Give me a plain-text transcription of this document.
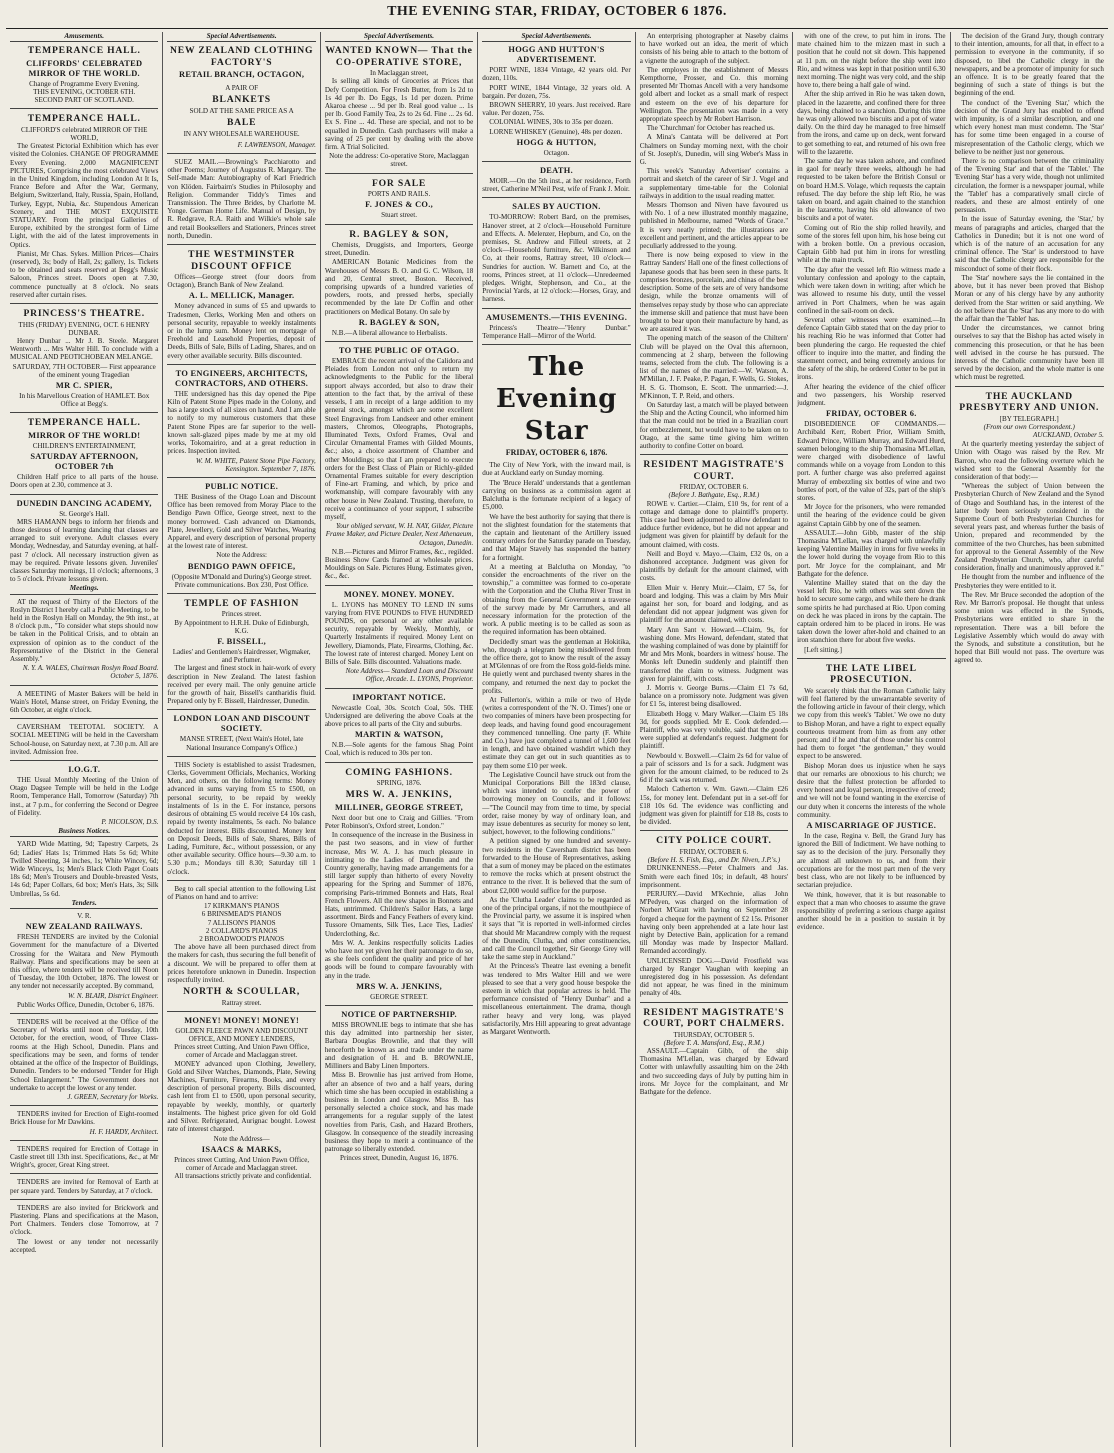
THE EVENING STAR, FRIDAY, OCTOBER 6 1876.
Amusements.
TEMPERANCE HALL.
CLIFFORDS' CELEBRATED MIRROR OF THE WORLD.
Change of Programme Every Evening.
THIS EVENING, OCTOBER 6TH.
SECOND PART OF SCOTLAND.
TEMPERANCE HALL.
CLIFFORD'S celebrated MIRROR OF THE WORLD,
The Greatest Pictorial Exhibition which has ever visited the Colonies. CHANGE OF PROGRAMME Every Evening. 2,000 MAGNIFICENT PICTURES, Comprising the most celebrated Views in the United Kingdom, including London At It Is, France Before and After the War, Germany, Belgium, Switzerland, Italy, Russia, Spain, Holland, Turkey, Egypt, Nubia, &c. Stupendous American Scenery, and THE MOST EXQUISITE STATUARY. From the principal Galleries of Europe, exhibited by the strongest form of Lime Light, with the aid of the latest improvements in Optics.
Pianist, Mr Chas. Sykes. Million Prices—Chairs (reserved), 3s; body of Hall, 2s; gallery, 1s. Tickets to be obtained and seats reserved at Begg's Music Saloon, Princes street. Doors open at 7.30, commence punctually at 8 o'clock. No seats reserved after curtain rises.
PRINCESS'S THEATRE.
THIS (FRIDAY) EVENING, OCT. 6 HENRY DUNBAR.
Henry Dunbar ... Mr J. B. Steele. Margaret Wentworth ... Mrs Walter Hill. To conclude with a MUSICAL AND PEOTICHOBEAN MELANGE.
SATURDAY, 7TH OCTOBER— First appearance of the eminent young Tragedian
MR C. SPIER,
In his Marvellous Creation of HAMLET. Box Office at Begg's.
TEMPERANCE HALL.
MIRROR OF THE WORLD!
CHILDREN'S ENTERTAINMENT,
SATURDAY AFTERNOON, OCTOBER 7th
Children Half price to all parts of the house. Doors open at 2.30, commence at 3.
DUNEDIN DANCING ACADEMY,
St. George's Hall.
MRS HAMANN begs to inform her friends and those desirous of learning dancing that classes are arranged to suit everyone. Adult classes every Monday, Wednesday, and Saturday evening, at half-past 7 o'clock. All necessary instruction given as may be required. Private lessons given. Juveniles' classes Saturday mornings, 11 o'clock; afternoons, 3 to 5 o'clock. Private lessons given.
Meetings.
AT the request of Thirty of the Electors of the Roslyn District I hereby call a Public Meeting, to be held in the Roslyn Hall on Monday, the 9th inst., at 8 o'clock p.m., "To consider what steps should now be taken in the Political Crisis, and to obtain an expression of opinion as to the conduct of the Representative of the District in the General Assembly."
N. Y. A. WALES, Chairman Roslyn Road Board. October 5, 1876.
A MEETING of Master Bakers will be held in Wain's Hotel, Manse street, on Friday Evening, the 6th October, at eight o'clock.
CAVERSHAM TEETOTAL SOCIETY. A SOCIAL MEETING will be held in the Caversham School-house, on Saturday next, at 7.30 p.m. All are invited. Admission free.
I.O.G.T.
THE Usual Monthly Meeting of the Union of Otago Dagsee Temple will be held in the Lodge Room, Temperance Hall, Tomorrow (Saturday) 7th inst., at 7 p.m., for conferring the Second or Degree of Fidelity.
P. NICOLSON, D.S.
Business Notices.
YARD Wide Matting, 9d; Tapestry Carpets, 2s 6d; Ladies' Hats 1s; Trimmed Hats 5s 6d; White Twilled Sheeting, 34 inches, 1s; White Wincey, 6d; Wide Winceys, 1s; Men's Black Cloth Paget Coats 18s 6d; Men's Trousers and Double-breasted Vests, 14s 6d; Paper Collars, 6d box; Men's Hats, 3s; Silk Umbrellas, 5s 6d.
Tenders.
V. R.
NEW ZEALAND RAILWAYS.
FRESH TENDERS are invited by the Colonial Government for the manufacture of a Diverted Crossing for the Waitara and New Plymouth Railway. Plans and specifications may be seen at this office, where tenders will be received till Noon of Tuesday, the 10th October, 1876. The lowest or any tender not necessarily accepted. By command,
W. N. BLAIR, District Engineer.
Public Works Office, Dunedin, October 6, 1876.
TENDERS will be received at the Office of the Secretary of Works until noon of Tuesday, 10th October, for the erection, wood, of Three Class-rooms at the High School, Dunedin. Plans and specifications may be seen, and forms of tender obtained at the office of the Inspector of Buildings, Dunedin. Tenders to be endorsed "Tender for High School Enlargement." The Government does not undertake to accept the lowest or any tender.
J. GREEN, Secretary for Works.
TENDERS invited for Erection of Eight-roomed Brick House for Mr Dawkins.
H. F. HARDY, Architect.
TENDERS required for Erection of Cottage in Castle street till 13th inst. Specifications, &c., at Mr Wright's, grocer, Great King street.
TENDERS are invited for Removal of Earth at per square yard. Tenders by Saturday, at 7 o'clock.
TENDERS are also invited for Brickwork and Plastering. Plans and specifications at the Mason, Port Chalmers. Tenders close Tomorrow, at 7 o'clock.
The lowest or any tender not necessarily accepted.
Special Advertisements.
NEW ZEALAND CLOTHING FACTORY'S
RETAIL BRANCH, OCTAGON,
A PAIR OF
BLANKETS
SOLD AT THE SAME PRICE AS A
BALE
IN ANY WHOLESALE WAREHOUSE.
F. LAWRENSON, Manager.
SUEZ MAIL.—Browning's Pacchiarotto and other Poems; Journey of Augustus R. Margary. The Self-made Man: Autobiography of Karl Friedrich von Klöden. Fairbairn's Studies in Philosophy and Religion. Commander Tiddy's Times and Transmission. The Three Brides, by Charlotte M. Yonge. German Home Life. Manual of Design, by R. Redgrave, R.A. Raith and Wilkie's whole sale and retail Booksellers and Stationers, Princes street north, Dunedin.
THE WESTMINSTER DISCOUNT OFFICE
Offices—George street (four doors from Octagon), Branch Bank of New Zealand.
A. L. MELLICK, Manager.
Money advanced in sums of £5 and upwards to Tradesmen, Clerks, Working Men and others on personal security, repayable to weekly instalments or in the lump sum. Money lent on mortgage of Freehold and Leasehold Properties, deposit of Deeds, Bills of Sale, Bills of Lading, Shares, and on every other available security. Bills discounted.
TO ENGINEERS, ARCHITECTS, CONTRACTORS, AND OTHERS.
THE undersigned has this day opened the Pipe Kiln of Patent Stone Pipes made in the Colony, and has a large stock of all sizes on hand. And I am able to notify to my numerous customers that these Patent Stone Pipes are far superior to the well-known salt-glazed pipes made by me at my old works, Tokomairiro, and at a great reduction in prices. Inspection invited.
W. M. WHITE, Patent Stone Pipe Factory, Kensington. September 7, 1876.
PUBLIC NOTICE.
THE Business of the Otago Loan and Discount Office has been removed from Moray Place to the Bendigo Pawn Office, George street, next to the money borrowed. Cash advanced on Diamonds, Plate, Jewellery, Gold and Silver Watches, Wearing Apparel, and every description of personal property at the lowest rate of interest.
Note the Address:
BENDIGO PAWN OFFICE,
(Opposite M'Donald and During's) George street. Private communications. Box 230, Post Office.
TEMPLE OF FASHION
Princes street.
By Appointment to H.R.H. Duke of Edinburgh, K.G.
F. BISSELL,
Ladies' and Gentlemen's Hairdresser, Wigmaker, and Perfumer.
The largest and finest stock in hair-work of every description in New Zealand. The latest fashion received per every mail. The only genuine article for the growth of hair, Bissell's cantharidis fluid. Prepared only by F. Bissell, Hairdresser, Dunedin.
LONDON LOAN AND DISCOUNT SOCIETY.
MANSE STREET, (Next Wain's Hotel, late National Insurance Company's Office.)
THIS Society is established to assist Tradesmen, Clerks, Government Officials, Mechanics, Working Men, and others, on the following terms: Money advanced in sums varying from £5 to £500, on personal security, to be repaid by weekly instalments of 1s in the £. For instance, persons desirous of obtaining £5 would receive £4 10s cash, repaid by twenty instalments, 5s each. No balance deducted for interest. Bills discounted. Money lent on Deposit Deeds, Bills of Sale, Shares, Bills of Lading, Furniture, &c., without possession, or any other available security. Office hours—9.30 a.m. to 5.30 p.m.; Mondays till 8.30; Saturday till 1 o'clock.
Beg to call special attention to the following List of Pianos on hand and to arrive:
17 KIRKMAN'S PIANOS
6 BRINSMEAD'S PIANOS
7 ALLISON'S PIANOS
2 COLLARD'S PIANOS
2 BROADWOOD'S PIANOS
The above have all been purchased direct from the makers for cash, thus securing the full benefit of a discount. We will be prepared to offer them at prices heretofore unknown in Dunedin. Inspection respectfully invited.
NORTH & SCOULLAR,
Rattray street.
MONEY! MONEY! MONEY!
GOLDEN FLEECE PAWN AND DISCOUNT OFFICE, AND MONEY LENDERS,
Princes street Cutting, And Union Pawn Office, corner of Arcade and Maclaggan street.
MONEY advanced upon Clothing, Jewellery, Gold and Silver Watches, Diamonds, Plate, Sewing Machines, Furniture, Firearms, Books, and every description of personal property. Bills discounted, cash lent from £1 to £500, upon personal security, repayable by weekly, monthly, or quarterly instalments. The highest price given for old Gold and Silver. Refrigerated, Aurignac bought. Lowest rate of interest charged.
Note the Address—
ISAACS & MARKS,
Princes street Cutting, And Union Pawn Office, corner of Arcade and Maclaggan street.
All transactions strictly private and confidential.
Special Advertisements.
WANTED KNOWN— That the CO-OPERATIVE STORE,
In Maclaggan street,
Is selling all kinds of Groceries at Prices that Defy Competition. For Fresh Butter, from 1s 2d to 1s 4d per lb. Do Eggs, 1s 1d per dozen. Prime Akaroa cheese ... 9d per lb. Real good value ... 1s per lb. Good Family Tea, 2s to 2s 6d. Fine ... 2s 6d. Ex S. Fine ... 4d. These are special, and not to be equalled in Dunedin. Cash purchasers will make a saving of 25 per cent by dealing with the above firm. A Trial Solicited.
Note the address: Co-operative Store, Maclaggan street.
FOR SALE
PORTS AND RAILS.
F. JONES & CO.,
Stuart street.
R. BAGLEY & SON,
Chemists, Druggists, and Importers, George street, Dunedin.
AMERICAN Botanic Medicines from the Warehouses of Messrs B. O. and G. C. Wilson, 18 and 20, Central street, Boston. Received, comprising upwards of a hundred varieties of powders, roots, and pressed herbs, specially recommended by the late Dr Coffin and other practitioners on Medical Botany. On sale by
R. BAGLEY & SON,
N.B.—A liberal allowance to Herbalists.
TO THE PUBLIC OF OTAGO.
EMBRACE the recent arrival of the Calidora and Pleiades from London not only to return my acknowledgments to the Public for the liberal support always accorded, but also to draw their attention to the fact that, by the arrival of these vessels, I am in receipt of a large addition to my general stock, amongst which are some excellent Steel Engravings from Landseer and other eminent masters, Chromos, Oleographs, Photographs, Illuminated Texts, Oxford Frames, Oval and Circular Ornamental Frames with Gilded Mounts, &c.; also, a choice assortment of Chamber and other Mouldings; so that I am prepared to execute orders for the Best Class of Plain or Richly-gilded Ornamental Frames suitable for every description of Fine-art Framing, and which, by price and workmanship, will compare favourably with any other house in New Zealand. Trusting, therefore, to receive a continuance of your support, I subscribe myself,
Your obliged servant, W. H. NAY, Gilder, Picture Frame Maker, and Picture Dealer, Next Athenaeum, Octagon, Dunedin.
N.B.—Pictures and Mirror Frames, &c., regilded. Business Show Cards framed at wholesale prices. Mouldings on Sale. Pictures Hung. Estimates given, &c., &c.
MONEY. MONEY. MONEY.
L. LYONS has MONEY TO LEND IN sums varying from FIVE POUNDS to FIVE HUNDRED POUNDS, on personal or any other available security, repayable by Weekly, Monthly, or Quarterly Instalments if required. Money Lent on Jewellery, Diamonds, Plate, Firearms, Clothing, &c. The lowest rate of interest charged. Money Lent on Bills of Sale. Bills discounted. Valuations made.
Note Address— Standard Loan and Discount Office, Arcade. L. LYONS, Proprietor.
IMPORTANT NOTICE.
Newcastle Coal, 30s. Scotch Coal, 50s. THE Undersigned are delivering the above Coals at the above prices to all parts of the City and suburbs.
MARTIN & WATSON,
N.B.—Sole agents for the famous Shag Point Coal, which is reduced to 30s per ton.
COMING FASHIONS.
SPRING, 1876.
MRS W. A. JENKINS,
MILLINER, GEORGE STREET,
Next door but one to Craig and Gillies. "From Peter Robinson's, Oxford street, London."
In consequence of the increase in the Business in the past two seasons, and in view of further increase, Mrs W. A. J. has much pleasure in intimating to the Ladies of Dunedin and the Country generally, having made arrangements for a still larger supply than hitherto of every Novelty appearing for the Spring and Summer of 1876, comprising Paris-trimmed Bonnets and Hats, Real French Flowers. All the new shapes in Bonnets and Hats, untrimmed. Children's Sailor Hats, a large assortment. Birds and Fancy Feathers of every kind. Tussore Ornaments, Silk Ties, Lace Ties, Ladies' Underclothing, &c.
Mrs W. A. Jenkins respectfully solicits Ladies who have not yet given her their patronage to do so, as she feels confident the quality and price of her goods will be found to compare favourably with any in the trade.
MRS W. A. JENKINS,
GEORGE STREET.
NOTICE OF PARTNERSHIP.
MISS BROWNLIE begs to intimate that she has this day admitted into partnership her sister, Barbara Douglas Brownlie, and that they will henceforth be known as and trade under the name and designation of H. and B. BROWNLIE, Milliners and Baby Linen Importers.
Miss B. Brownlie has just arrived from Home, after an absence of two and a half years, during which time she has been occupied in establishing a business in London and Glasgow. Miss B. has personally selected a choice stock, and has made arrangements for a regular supply of the latest novelties from Paris, Cash, and Hazard Brothers, Glasgow. In consequence of the steadily increasing business they hope to merit a continuance of the patronage so liberally extended.
Princes street, Dunedin, August 16, 1876.
Special Advertisements.
HOGG AND HUTTON'S ADVERTISEMENT.
PORT WINE, 1834 Vintage, 42 years old. Per dozen, 110s.
PORT WINE, 1844 Vintage, 32 years old. A bargain. Per dozen, 75s.
BROWN SHERRY, 10 years. Just received. Rare value. Per dozen, 75s.
COLONIAL WINES, 30s to 35s per dozen.
LORNE WHISKEY (Genuine), 48s per dozen.
HOGG & HUTTON,
Octagon.
DEATH.
MOIR.—On the 5th inst., at her residence, Forth street, Catherine M'Neil Pest, wife of Frank J. Moir.
SALES BY AUCTION.
TO-MORROW: Robert Bard, on the premises, Hanover street, at 2 o'clock—Household Furniture and Effects. A. Melenzer, Hepburn, and Co, on the premises, St. Andrew and Filleul streets, at 2 o'clock—Household furniture, &c. Wilkinson and Co, at their rooms, Rattray street, 10 o'clock—Sundries for auction. W. Barnett and Co, at the rooms, Princes street, at 11 o'clock—Unredeemed pledges. Wright, Stephenson, and Co., at the Provincial Yards, at 12 o'clock:—Horses, Gray, and harness.
AMUSEMENTS.—THIS EVENING.
Princess's Theatre—"Henry Dunbar." Temperance Hall—Mirror of the World.
The Evening Star
FRIDAY, OCTOBER 6, 1876.
The City of New York, with the inward mail, is due at Auckland early on Sunday morning.
The 'Bruce Herald' understands that a gentleman carrying on business as a commission agent at Balclutha is the fortunate recipient of a legacy of £5,000.
We have the best authority for saying that there is not the slightest foundation for the statements that the captain and lieutenant of the Artillery issued contrary orders for the Saturday parade on Tuesday, and that Major Stavely has suspended the battery for a fortnight.
At a meeting at Balclutha on Monday, "to consider the encroachments of the river on the township," a committee was formed to co-operate with the Corporation and the Clutha River Trust in obtaining from the General Government a traverse of the survey made by Mr Carruthers, and all necessary information for the protection of the work. A public meeting is to be called as soon as the required information has been obtained.
Decidedly smart was the gentleman at Hokitika, who, through a telegram being misdelivered from the office there, got to know the result of the assay at M'Glennas of ore from the Ross gold-fields mine. He quietly went and purchased twenty shares in the company, and returned the next day to pocket the profits.
At Fullerton's, within a mile or two of Hyde (writes a correspondent of the 'N. O. Times') one or two companies of miners have been prospecting for deep leads, and having found good encouragement they commenced tunnelling. One party (F. White and Co.) have just completed a tunnel of 1,600 feet in length, and have obtained washdirt which they estimate they can get out in such quantities as to pay them some £10 per week.
The Legislative Council have struck out from the Municipal Corporations Bill the 183rd clause, which was intended to confer the power of borrowing money on Councils, and it follows:—"The Council may from time to time, by special order, raise money by way of ordinary loan, and may issue debentures as security for money so lent, subject, however, to the following conditions."
A petition signed by one hundred and seventy-two residents in the Caversham district has been forwarded to the House of Representatives, asking that a sum of money may be placed on the estimates to remove the rocks which at present obstruct the entrance to the river. It is believed that the sum of about £2,000 would suffice for the purpose.
As the 'Clutha Leader' claims to be regarded as one of the principal organs, if not the mouthpiece of the Provincial party, we assume it is inspired when it says that "it is reported in well-informed circles that should Mr Macandrew comply with the request of the Dunedin, Clutha, and other constituencies, and call the Council together, Sir George Grey will take the same step in Auckland."
At the Princess's Theatre last evening a benefit was tendered to Mrs Walter Hill and we were pleased to see that a very good house bespoke the esteem in which that popular actress is held. The performance consisted of "Henry Dunbar" and a miscellaneous entertainment. The drama, though rather heavy and very long, was played satisfactorily, Mrs Hill appearing to great advantage as Margaret Wentworth.
An enterprising photographer at Naseby claims to have worked out an idea, the merit of which consists of his being able to attach to the bottom of a vignette the autograph of the subject.
The employes in the establishment of Messrs Kempthorne, Prosser, and Co. this morning presented Mr Thomas Ancell with a very handsome gold albert and locket as a small mark of respect and esteem on the eve of his departure for Wellington. The presentation was made in a very appropriate speech by Mr Robert Harrison.
The 'Churchman' for October has reached us.
A Mina's Cantata will be delivered at Port Chalmers on Sunday morning next, with the choir of St. Joseph's, Dunedin, will sing Weber's Mass in G.
This week's 'Saturday Advertiser' contains a portrait and sketch of the career of Sir J. Vogel and a supplementary time-table for the Colonial railways in addition to the usual reading matter.
Messrs Thomson and Niven have favoured us with No. 1 of a new illustrated monthly magazine, published in Melbourne, named "Words of Grace." It is very neatly printed; the illustrations are excellent and pertinent, and the articles appear to be peculiarly addressed to the young.
There is now being exposed to view in the Rattray Sanders' Hall one of the finest collections of Japanese goods that has been seen in these parts. It comprises bronzes, porcelain, and chinas of the best description. Some of the sets are of very handsome design, while the bronze ornaments will of themselves repay study by those who can appreciate the immense skill and patience that must have been brought to bear upon their manufacture by hand, as we are assured it was.
The opening match of the season of the Chiltern' Club will be played on the Oval this afternoon, commencing at 2 sharp, between the following teams, selected from the club. The following is a list of the names of the married:—W. Watson, A. M'Millan, J. F. Peake, P. Pagan, F. Wells, G. Stokes, H. S. G. Thomson, E. Scott. The unmarried:—J. M'Kinnon, T. P. Reid, and others.
On Saturday last, a match will be played between the Ship and the Acting Council, who informed him that the man could not be tried in a Brazilian court for embezzlement, but would have to be taken on to Otago, at the same time giving him written authority to confine Cotter on board.
RESIDENT MAGISTRATE'S COURT.
FRIDAY, OCTOBER 6.
(Before J. Bathgate, Esq., R.M.)
ROWE v. Cartier.—Claim, £10 9s, for rent of a cottage and damage done to plaintiff's property. This case had been adjourned to allow defendant to adduce further evidence, but he did not appear and judgment was given for plaintiff by default for the amount claimed, with costs.
Neill and Boyd v. Mayo.—Claim, £32 0s, on a dishonored acceptance. Judgment was given for plaintiffs by default for the amount claimed, with costs.
Ellen Muir v. Henry Muir.—Claim, £7 5s, for board and lodging. This was a claim by Mrs Muir against her son, for board and lodging, and as defendant did not appear judgment was given for plaintiff for the amount claimed, with costs.
Mary Ann Sant v. Howard.—Claim, 9s, for washing done. Mrs Howard, defendant, stated that the washing complained of was done by plaintiff for Mr and Mrs Monk, boarders in witness' house. The Monks left Dunedin suddenly and plaintiff then transferred the claim to witness. Judgment was given for plaintiff, with costs.
J. Morris v. George Burns.—Claim £1 7s 6d, balance on a promissory note. Judgment was given for £1 5s, interest being disallowed.
Elizabeth Hogg v. Mary Walker.—Claim £5 18s 3d, for goods supplied. Mr E. Cook defended.—Plaintiff, who was very voluble, said that the goods were supplied at defendant's request. Judgment for plaintiff.
Newbould v. Boxwell.—Claim 2s 6d for value of a pair of scissors and 1s for a sack. Judgment was given for the amount claimed, to be reduced to 2s 6d if the sack was returned.
Maloch Catherton v. Wm. Gawn.—Claim £26 15s, for money lent. Defendant put in a set-off for £18 10s 6d. The evidence was conflicting and judgment was given for plaintiff for £18 8s, costs to be divided.
CITY POLICE COURT.
FRIDAY, OCTOBER 6.
(Before H. S. Fish, Esq., and Dr. Niven, J.P.'s.)
DRUNKENNESS.—Peter Chalmers and Jas. Smith were each fined 10s; in default, 48 hours' imprisonment.
PERJURY.—David M'Kechnie, alias John M'Pedyen, was charged on the information of Norbert M'Gratt with having on September 28 forged a cheque for the payment of £2 15s. Prisoner having only been apprehended at a late hour last night by Detective Bain, application for a remand till Monday was made by Inspector Mallard. Remanded accordingly.
UNLICENSED DOG.—David Frostfield was charged by Ranger Vaughan with keeping an unregistered dog in his possession. As defendant did not appear, he was fined in the minimum penalty of 40s.
RESIDENT MAGISTRATE'S COURT, PORT CHALMERS.
THURSDAY, OCTOBER 5.
(Before T. A. Mansford, Esq., R.M.)
ASSAULT.—Captain Gibb, of the ship Thomasina M'Lellan, was charged by Edward Cotter with unlawfully assaulting him on the 24th and two succeeding days of July by putting him in irons. Mr Joyce for the complainant, and Mr Bathgate for the defence.
with one of the crew, to put him in irons. The mate chained him to the mizzen mast in such a position that he could not sit down. This happened at 11 p.m. on the night before the ship went into Rio, and witness was kept in that position until 6.30 next morning. The night was very cold, and the ship hove to, there being a half gale of wind.
After the ship arrived in Rio he was taken down, placed in the lazarette, and confined there for three days, being chained to a stanchion. During this time he was only allowed two biscuits and a pot of water daily. On the third day he managed to free himself from the irons, and came up on deck, went forward to get something to eat, and returned of his own free will to the lazarette.
The same day he was taken ashore, and confined in gaol for nearly three weeks, although he had requested to be taken before the British Consul or on board H.M.S. Volage, which requests the captain refused. The day before the ship left Rio, he was taken on board, and again chained to the stanchion in the lazarette, having his old allowance of two biscuits and a pot of water.
Coming out of Rio the ship rolled heavily, and some of the stores fell upon him, his hose being cut with a broken bottle. On a previous occasion, Captain Gibb had put him in irons for wrestling while at the main truck.
The day after the vessel left Rio witness made a voluntary confession and apology to the captain, which were taken down in writing; after which he was allowed to resume his duty, until the vessel arrived in Port Chalmers, when he was again confined in the sail-room on deck.
Several other witnesses were examined.—In defence Captain Gibb stated that on the day prior to his reaching Rio he was informed that Cotter had been plundering the cargo. He requested the chief officer to inquire into the matter, and finding the statement correct, and being extremely anxious for the safety of the ship, he ordered Cotter to be put in irons.
After hearing the evidence of the chief officer and two passengers, his Worship reserved judgment.
FRIDAY, OCTOBER 6.
DISOBEDIENCE OF COMMANDS.—Archibald Kerr, Robert Prior, William Smith, Edward Prince, William Murray, and Edward Hurd, seamen belonging to the ship Thomasina M'Lellan, were charged with disobedience of lawful commands while on a voyage from London to this port. A further charge was also preferred against Murray of embezzling six bottles of wine and two bottles of port, of the value of 32s, part of the ship's stores.
Mr Joyce for the prisoners, who were remanded until the hearing of the evidence could be given against Captain Gibb by one of the seamen.
ASSAULT.—John Gibb, master of the ship Thomasina M'Lellan, was charged with unlawfully keeping Valentine Mailley in irons for five weeks in the lower hold during the voyage from Rio to this port. Mr Joyce for the complainant, and Mr Bathgate for the defence.
Valentine Mailley stated that on the day the vessel left Rio, he with others was sent down the hold to secure some cargo, and while there he drank some spirits he had purchased at Rio. Upon coming on deck he was placed in irons by the captain. The captain ordered him to be placed in irons. He was taken down the lower after-hold and chained to an iron stanchion there for about five weeks.
[Left sitting.]
THE LATE LIBEL PROSECUTION.
We scarcely think that the Roman Catholic laity will feel flattered by the unwarrantable severity of the following article in favour of their clergy, which we copy from this week's 'Tablet.' We owe no duty to Bishop Moran, and have a right to expect equally courteous treatment from him as from any other person; and if he and that of those under his control had them to forget "the gentleman," they would expect to be answered.
Bishop Moran does us injustice when he says that our remarks are obnoxious to his church; we desire that the fullest protection be afforded to every honest and loyal person, irrespective of creed; and we will not be found wanting in the exercise of our duty when it concerns the interests of the whole community.
A MISCARRIAGE OF JUSTICE.
In the case, Regina v. Bell, the Grand Jury has ignored the Bill of Indictment. We have nothing to say as to the decision of the jury. Personally they are almost all unknown to us, and from their occupations are for the most part men of the very best class, who are not likely to be influenced by sectarian prejudice.
We think, however, that it is but reasonable to expect that a man who chooses to assume the grave responsibility of preferring a serious charge against another should be in a position to sustain it by evidence.
The decision of the Grand Jury, though contrary to their intention, amounts, for all that, in effect to a permission to everyone in the community, if so disposed, to libel the Catholic clergy in the newspapers, and be a promoter of impunity for such an offence. It is to be greatly feared that the beginning of such a state of things is but the beginning of the end.
The conduct of the 'Evening Star,' which the decision of the Grand Jury has enabled to offend with impunity, is of a similar description, and one which every honest man must condemn. The 'Star' has for some time been engaged in a course of misrepresentation of the Catholic clergy, which we believe to be neither just nor generous.
There is no comparison between the criminality of the 'Evening Star' and that of the 'Tablet.' The 'Evening Star' has a very wide, though not unlimited circulation, the former is a newspaper journal, while the 'Tablet' has a comparatively small circle of readers, and these are almost entirely of one persuasion.
In the issue of Saturday evening, the 'Star,' by means of paragraphs and articles, charged that the Catholics in Dunedin; but it is not one word of which is of the nature of an accusation for any criminal offence. The 'Star' is understood to have said that the Catholic clergy are responsible for the misconduct of some of their flock.
The 'Star' nowhere says the lie contained in the above, but it has never been proved that Bishop Moran or any of his clergy have by any authority derived from the Star written or said anything. We do not believe that the 'Star' has any more to do with the affair than the 'Tablet' has.
Under the circumstances, we cannot bring ourselves to say that the Bishop has acted wisely in commencing this prosecution, or that he has been well advised in the course he has pursued. The interests of the Catholic community have been ill served by the decision, and the whole matter is one which must be regretted.
THE AUCKLAND PRESBYTERY AND UNION.
[BY TELEGRAPH.]
(From our own Correspondent.)
AUCKLAND, October 5.
At the quarterly meeting yesterday the subject of Union with Otago was raised by the Rev. Mr Barron, who read the following overture which he wished sent to the General Assembly for the consideration of that body:—
"Whereas the subject of Union between the Presbyterian Church of New Zealand and the Synod of Otago and Southland has, in the interest of the latter body been seriously considered in the Supreme Court of both Presbyterian Churches for several years past, and whereas further the basis of Union, prepared and recommended by the committee of the two Churches, has been submitted for approval to the General Assembly of the New Zealand Presbyterian Church, who, after careful consideration, finally and unanimously approved it."
He thought from the number and influence of the Presbyteries they were entitled to it.
The Rev. Mr Bruce seconded the adoption of the Rev. Mr Barron's proposal. He thought that unless some union was effected in the Synods, Presbyterians were entitled to share in the representation. There was a bill before the Legislative Assembly which would do away with the Synods, and substitute a constitution, but he hoped that Bill would not pass. The overture was agreed to.
